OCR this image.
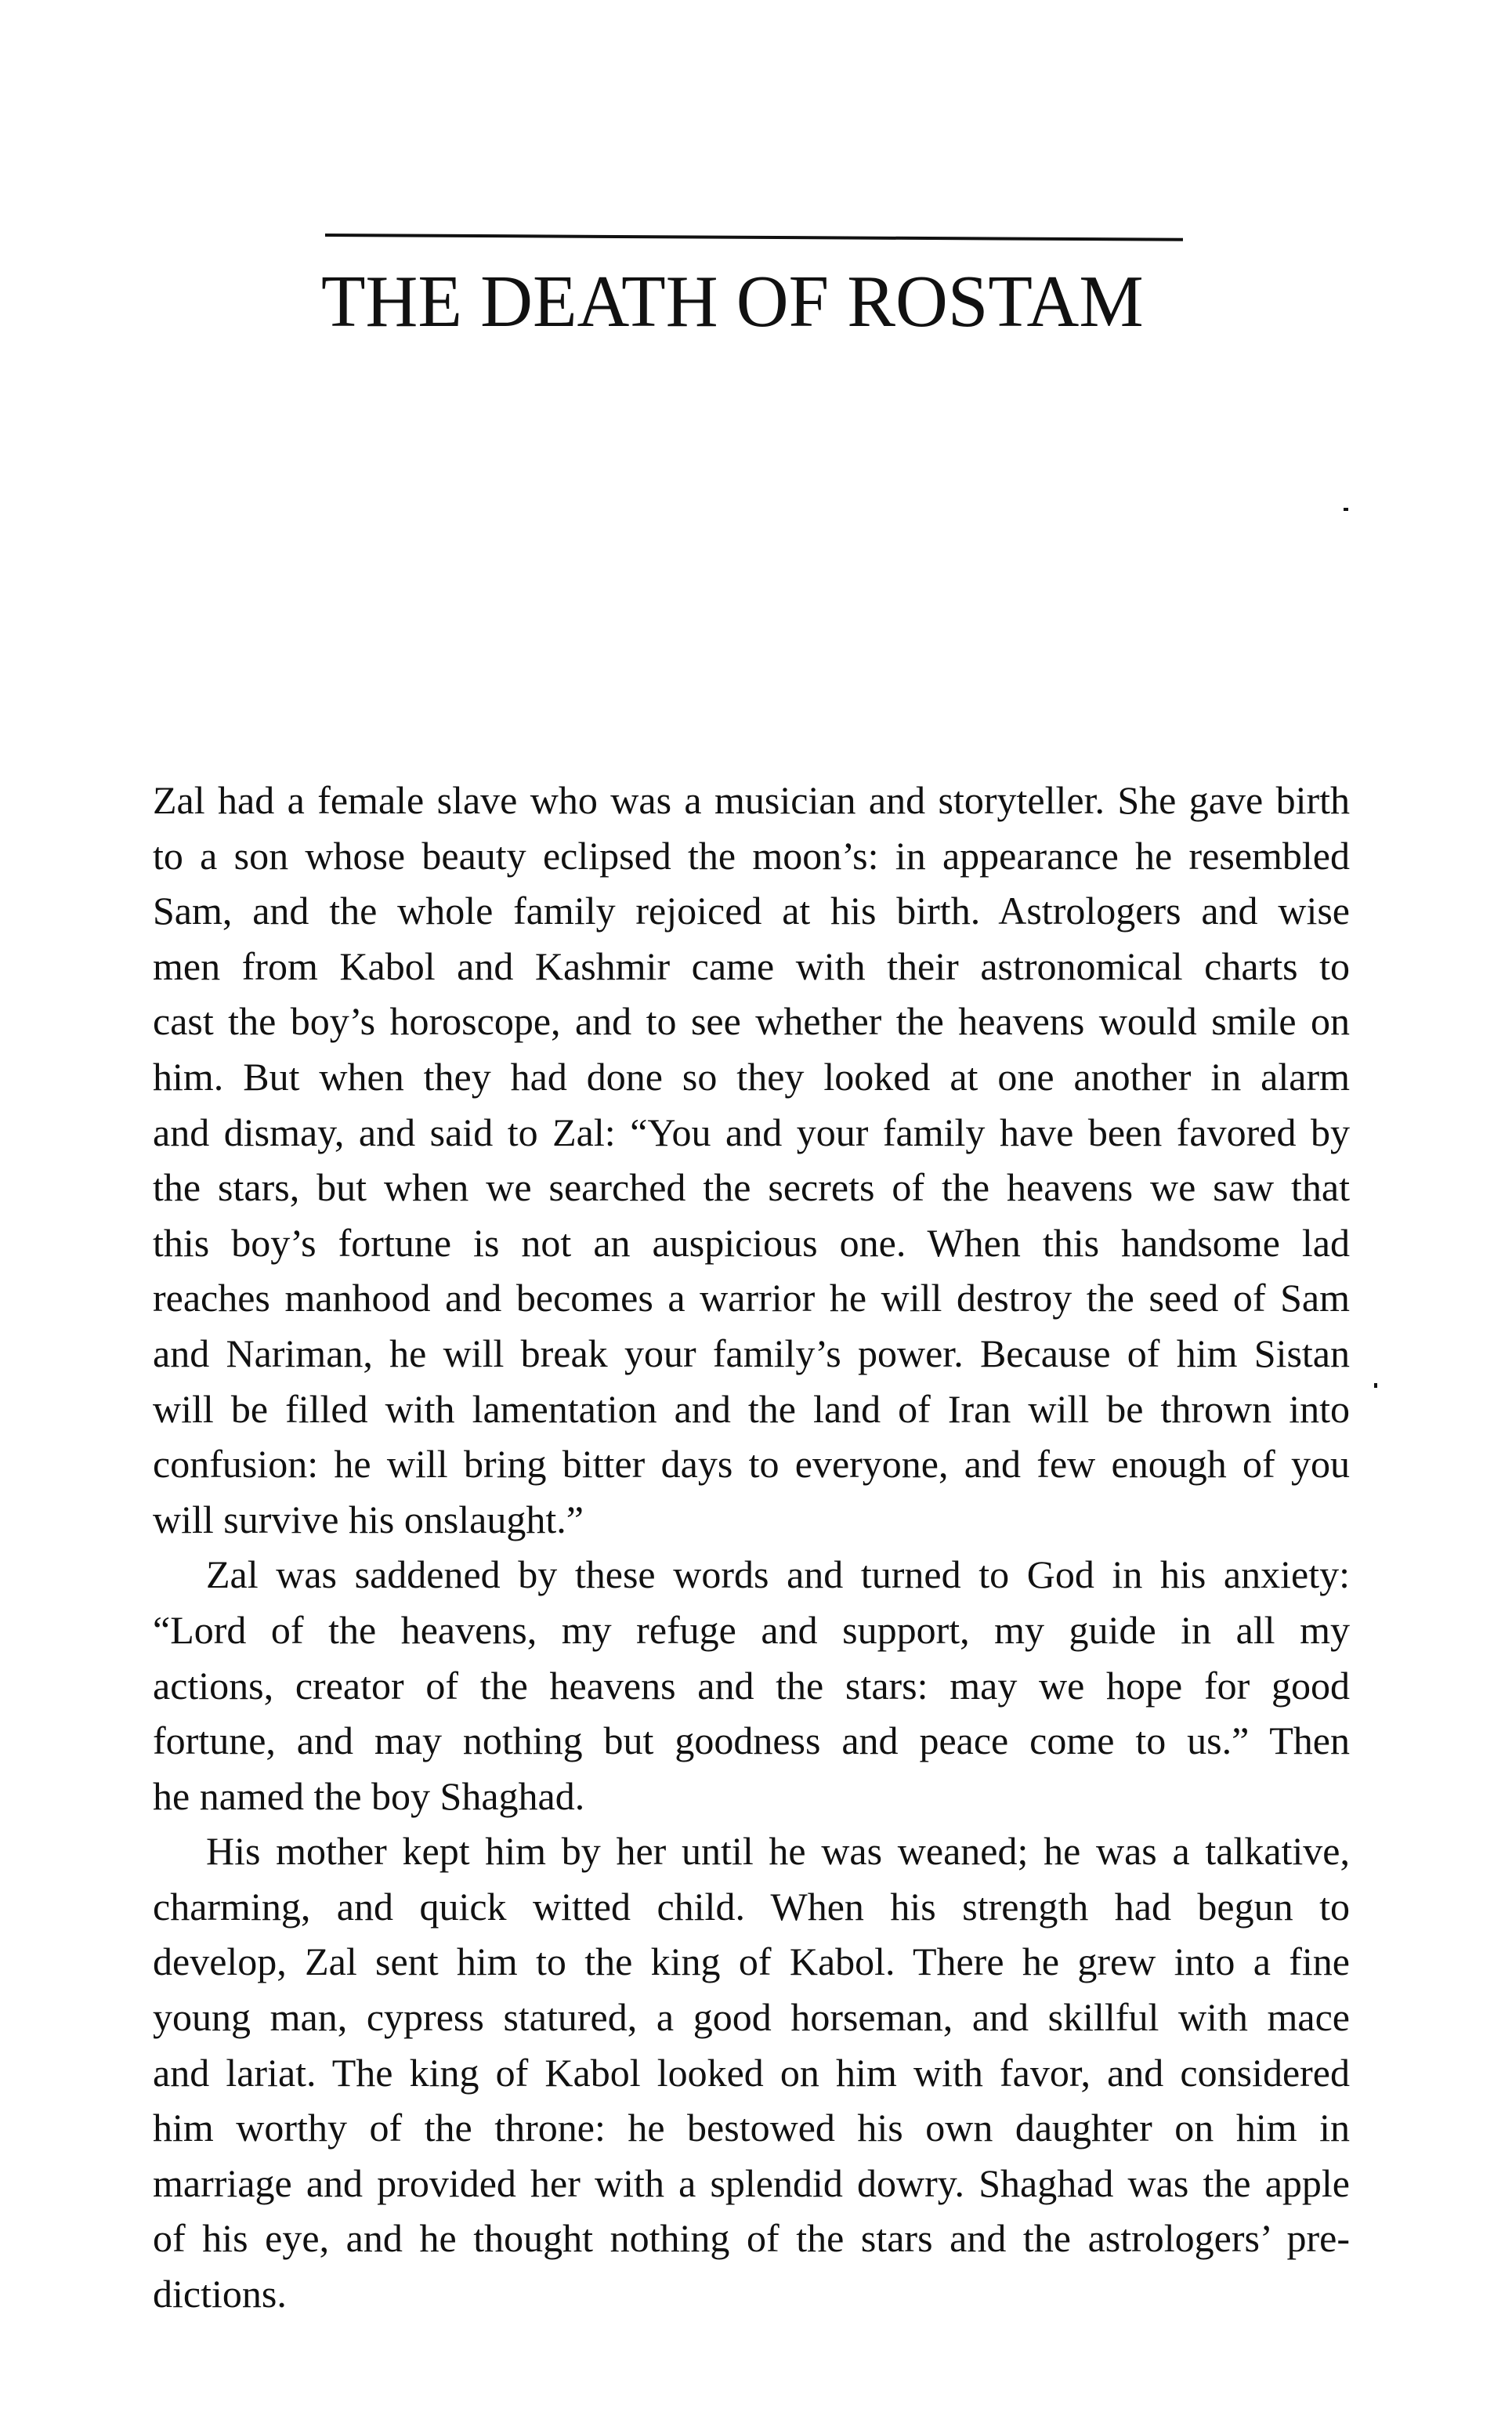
THE DEATH OF ROSTAM

Zal had a female slave who was a musician and storyteller. She gave birth
to a son whose beauty eclipsed the moon’s: in appearance he resembled
Sam, and the whole family rejoiced at his birth. Astrologers and wise
men from Kabol and Kashmir came with their astronomical charts to
cast the boy’s horoscope, and to see whether the heavens would smile on
him. But when they had done so they looked at one another in alarm
and dismay, and said to Zal: “You and your family have been favored by
the stars, but when we searched the secrets of the heavens we saw that
this boy’s fortune is not an auspicious one. When this handsome lad
reaches manhood and becomes a warrior he will destroy the seed of Sam
and Nariman, he will break your family’s power. Because of him Sistan
will be filled with lamentation and the land of Iran will be thrown into
confusion: he will bring bitter days to everyone, and few enough of you
will survive his onslaught.”

Zal was saddened by these words and turned to God in his anxiety:
“Lord of the heavens, my refuge and support, my guide in all my
actions, creator of the heavens and the stars: may we hope for good
fortune, and may nothing but goodness and peace come to us.” Then
he named the boy Shaghad.

His mother kept him by her until he was weaned; he was a talkative,
charming, and quick witted child. When his strength had begun to
develop, Zal sent him to the king of Kabol. There he grew into a fine
young man, cypress statured, a good horseman, and skillful with mace
and lariat. The king of Kabol looked on him with favor, and considered
him worthy of the throne: he bestowed his own daughter on him in
marriage and provided her with a splendid dowry. Shaghad was the apple
of his eye, and he thought nothing of the stars and the astrologers’ pre-
dictions.
